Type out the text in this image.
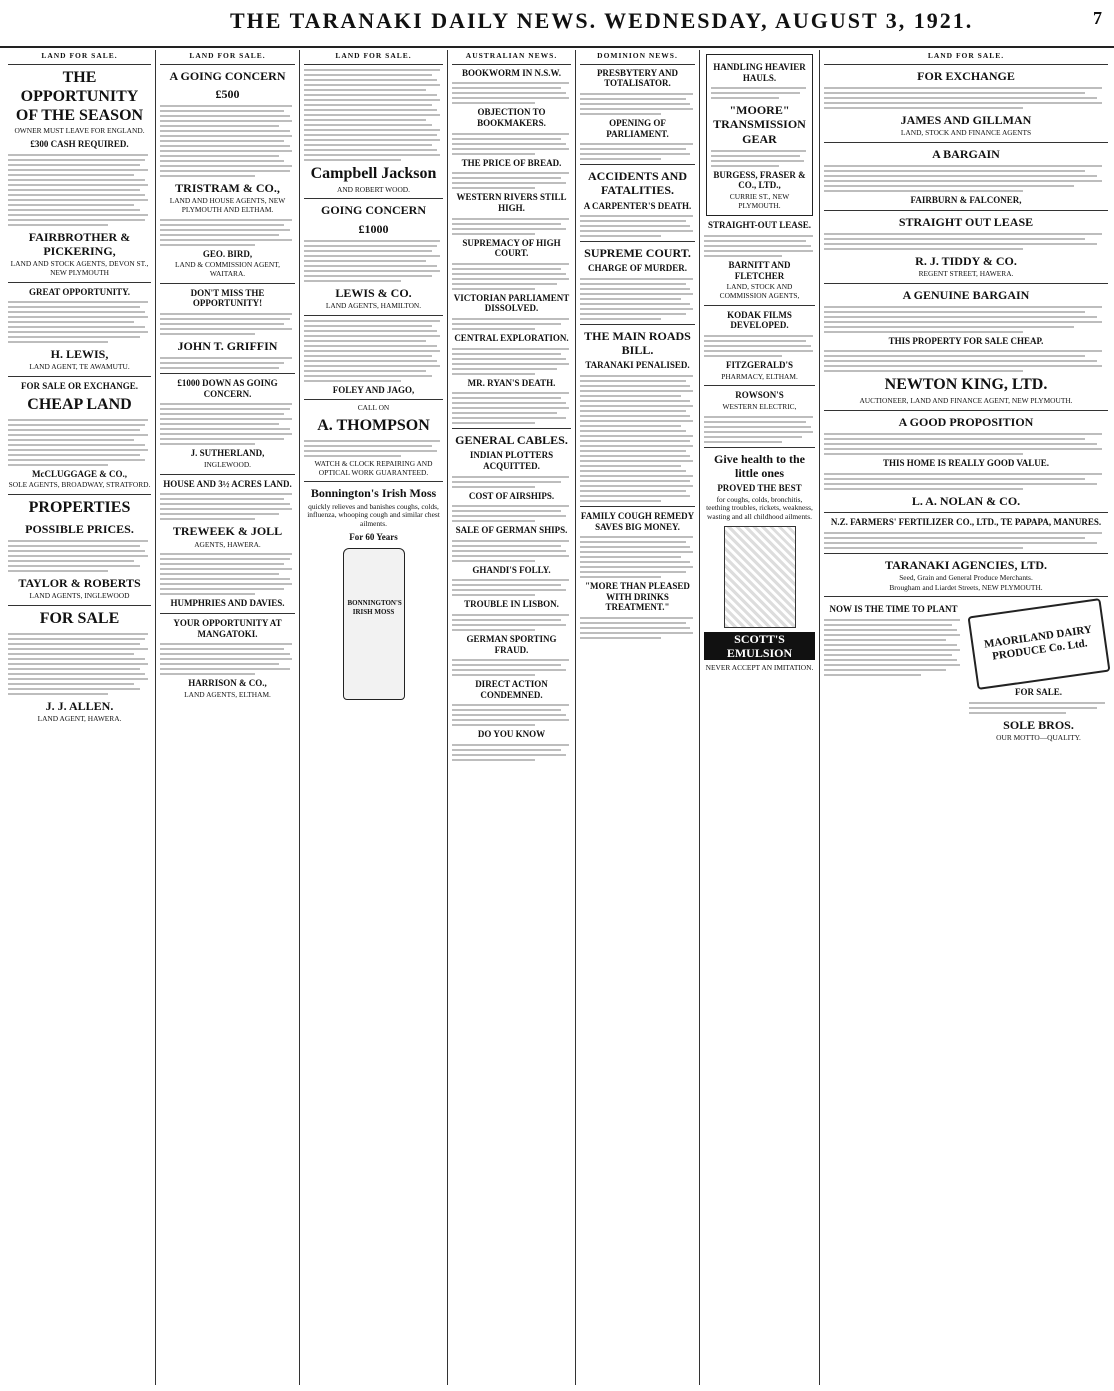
THE TARANAKI DAILY NEWS. WEDNESDAY, AUGUST 3, 1921.	7
LAND FOR SALE.
THE OPPORTUNITY OF THE SEASON
OWNER MUST LEAVE FOR ENGLAND.
£300 CASH REQUIRED.
FAIRBROTHER & PICKERING,
LAND AND STOCK AGENTS, DEVON ST., NEW PLYMOUTH
GREAT OPPORTUNITY.
H. LEWIS,
LAND AGENT, TE AWAMUTU.
FOR SALE OR EXCHANGE.
CHEAP LAND
McCLUGGAGE & CO.,
SOLE AGENTS, BROADWAY, STRATFORD.
PROPERTIES
POSSIBLE PRICES.
TAYLOR & ROBERTS
LAND AGENTS, INGLEWOOD
FOR SALE
J. J. ALLEN.
LAND AGENT, HAWERA.
LAND FOR SALE.
A GOING CONCERN
£500
TRISTRAM & CO.,
LAND AND HOUSE AGENTS, NEW PLYMOUTH AND ELTHAM.
GEO. BIRD,
LAND & COMMISSION AGENT, WAITARA.
DON'T MISS THE OPPORTUNITY!
JOHN T. GRIFFIN
£1000 DOWN AS GOING CONCERN.
J. SUTHERLAND,
INGLEWOOD.
HOUSE AND 3½ ACRES LAND.
TREWEEK & JOLL
AGENTS, HAWERA.
HUMPHRIES AND DAVIES.
YOUR OPPORTUNITY AT MANGATOKI.
HARRISON & CO.,
LAND AGENTS, ELTHAM.
LAND FOR SALE.
Campbell Jackson
AND ROBERT WOOD.
GOING CONCERN
£1000
LEWIS & CO.
LAND AGENTS, HAMILTON.
FOLEY AND JAGO,
CALL ON
A. THOMPSON
WATCH & CLOCK REPAIRING AND OPTICAL WORK GUARANTEED.
Bonnington's Irish Moss
quickly relieves and banishes coughs, colds, influenza, whooping cough and similar chest ailments.
For 60 Years
BONNINGTON'S IRISH MOSS
AUSTRALIAN NEWS.
BOOKWORM IN N.S.W.
OBJECTION TO BOOKMAKERS.
THE PRICE OF BREAD.
WESTERN RIVERS STILL HIGH.
SUPREMACY OF HIGH COURT.
VICTORIAN PARLIAMENT DISSOLVED.
CENTRAL EXPLORATION.
MR. RYAN'S DEATH.
GENERAL CABLES.
INDIAN PLOTTERS ACQUITTED.
COST OF AIRSHIPS.
SALE OF GERMAN SHIPS.
GHANDI'S FOLLY.
TROUBLE IN LISBON.
GERMAN SPORTING FRAUD.
DIRECT ACTION CONDEMNED.
DO YOU KNOW
DOMINION NEWS.
PRESBYTERY AND TOTALISATOR.
OPENING OF PARLIAMENT.
ACCIDENTS AND FATALITIES.
A CARPENTER'S DEATH.
SUPREME COURT.
CHARGE OF MURDER.
THE MAIN ROADS BILL.
TARANAKI PENALISED.
FAMILY COUGH REMEDY SAVES BIG MONEY.
"MORE THAN PLEASED WITH DRINKS TREATMENT."
HANDLING HEAVIER HAULS.
"MOORE" TRANSMISSION GEAR
BURGESS, FRASER & CO., LTD.,
CURRIE ST., NEW PLYMOUTH.
STRAIGHT-OUT LEASE.
BARNITT AND FLETCHER
LAND, STOCK AND COMMISSION AGENTS,
KODAK FILMS DEVELOPED.
FITZGERALD'S
PHARMACY, ELTHAM.
ROWSON'S
WESTERN ELECTRIC,
Give health to the little ones
PROVED THE BEST
for coughs, colds, bronchitis, teething troubles, rickets, weakness, wasting and all childhood ailments.
SCOTT'S EMULSION
NEVER ACCEPT AN IMITATION.
LAND FOR SALE.
FOR EXCHANGE
JAMES AND GILLMAN
LAND, STOCK AND FINANCE AGENTS
A BARGAIN
FAIRBURN & FALCONER,
STRAIGHT OUT LEASE
R. J. TIDDY & CO.
REGENT STREET, HAWERA.
A GENUINE BARGAIN
THIS PROPERTY FOR SALE CHEAP.
NEWTON KING, LTD.
AUCTIONEER, LAND AND FINANCE AGENT, NEW PLYMOUTH.
A GOOD PROPOSITION
THIS HOME IS REALLY GOOD VALUE.
L. A. NOLAN & CO.
N.Z. FARMERS' FERTILIZER CO., LTD., TE PAPAPA, MANURES.
TARANAKI AGENCIES, LTD.
Seed, Grain and General Produce Merchants.
Brougham and Liardet Streets, NEW PLYMOUTH.
NOW IS THE TIME TO PLANT
MAORILAND DAIRY PRODUCE Co. Ltd.
FOR SALE.
SOLE BROS.
OUR MOTTO—QUALITY.
